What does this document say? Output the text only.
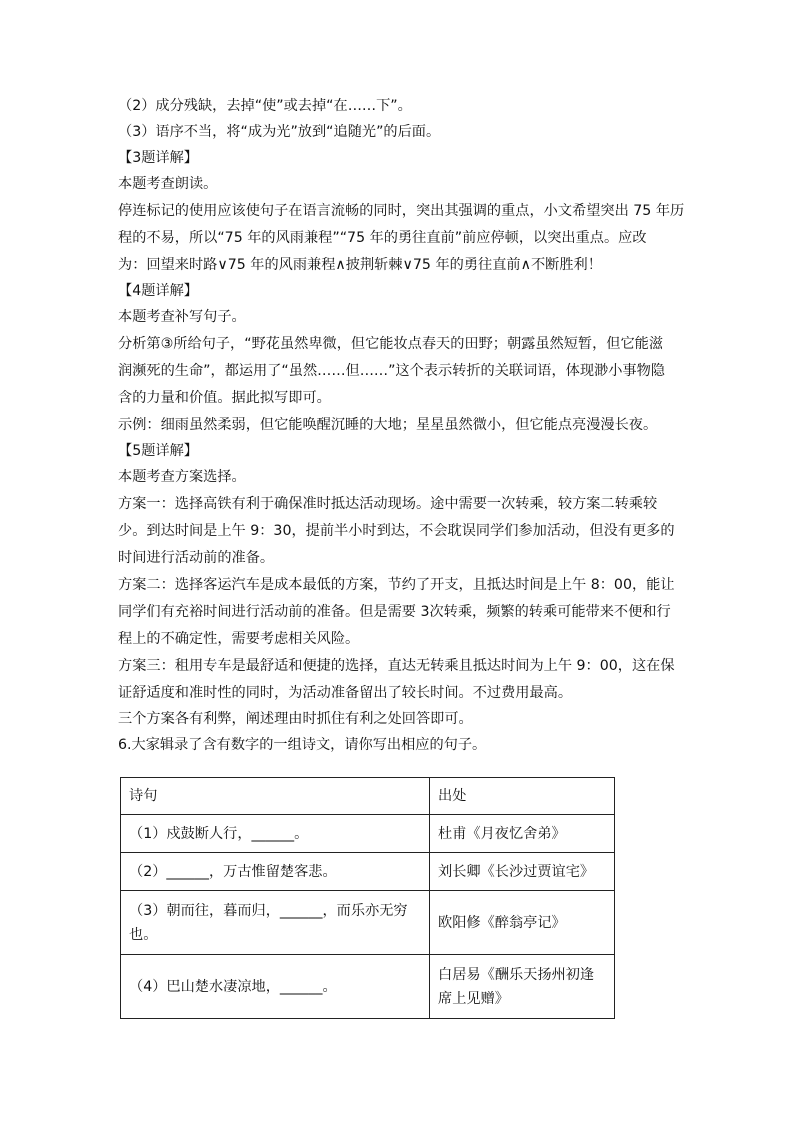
（2）成分残缺，去掉“使”或去掉“在……下”。
（3）语序不当，将“成为光”放到“追随光”的后面。
【3题详解】
本题考查朗读。
停连标记的使用应该使句子在语言流畅的同时，突出其强调的重点，小文希望突出 75 年历
程的不易，所以“75 年的风雨兼程”“75 年的勇往直前”前应停顿，以突出重点。应改
为：回望来时路∨75 年的风雨兼程∧披荆斩棘∨75 年的勇往直前∧不断胜利！
【4题详解】
本题考查补写句子。
分析第③所给句子，“野花虽然卑微，但它能妆点春天的田野；朝露虽然短暂，但它能滋
润濒死的生命”，都运用了“虽然……但……”这个表示转折的关联词语，体现渺小事物隐
含的力量和价值。据此拟写即可。
示例：细雨虽然柔弱，但它能唤醒沉睡的大地；星星虽然微小，但它能点亮漫漫长夜。
【5题详解】
本题考查方案选择。
方案一：选择高铁有利于确保准时抵达活动现场。途中需要一次转乘，较方案二转乘较
少。到达时间是上午 9：30，提前半小时到达，不会耽误同学们参加活动，但没有更多的
时间进行活动前的准备。
方案二：选择客运汽车是成本最低的方案，节约了开支，且抵达时间是上午 8：00，能让
同学们有充裕时间进行活动前的准备。但是需要 3次转乘，频繁的转乘可能带来不便和行
程上的不确定性，需要考虑相关风险。
方案三：租用专车是最舒适和便捷的选择，直达无转乘且抵达时间为上午 9：00，这在保
证舒适度和准时性的同时，为活动准备留出了较长时间。不过费用最高。
三个方案各有利弊，阐述理由时抓住有利之处回答即可。
6.大家辑录了含有数字的一组诗文，请你写出相应的句子。
诗句	出处
（1）戍鼓断人行，______。	杜甫《月夜忆舍弟》
（2）______，万古惟留楚客悲。	刘长卿《长沙过贾谊宅》
（3）朝而往，暮而归，______，而乐亦无穷也。	欧阳修《醉翁亭记》
（4）巴山楚水凄凉地，______。	白居易《酬乐天扬州初逢席上见赠》
